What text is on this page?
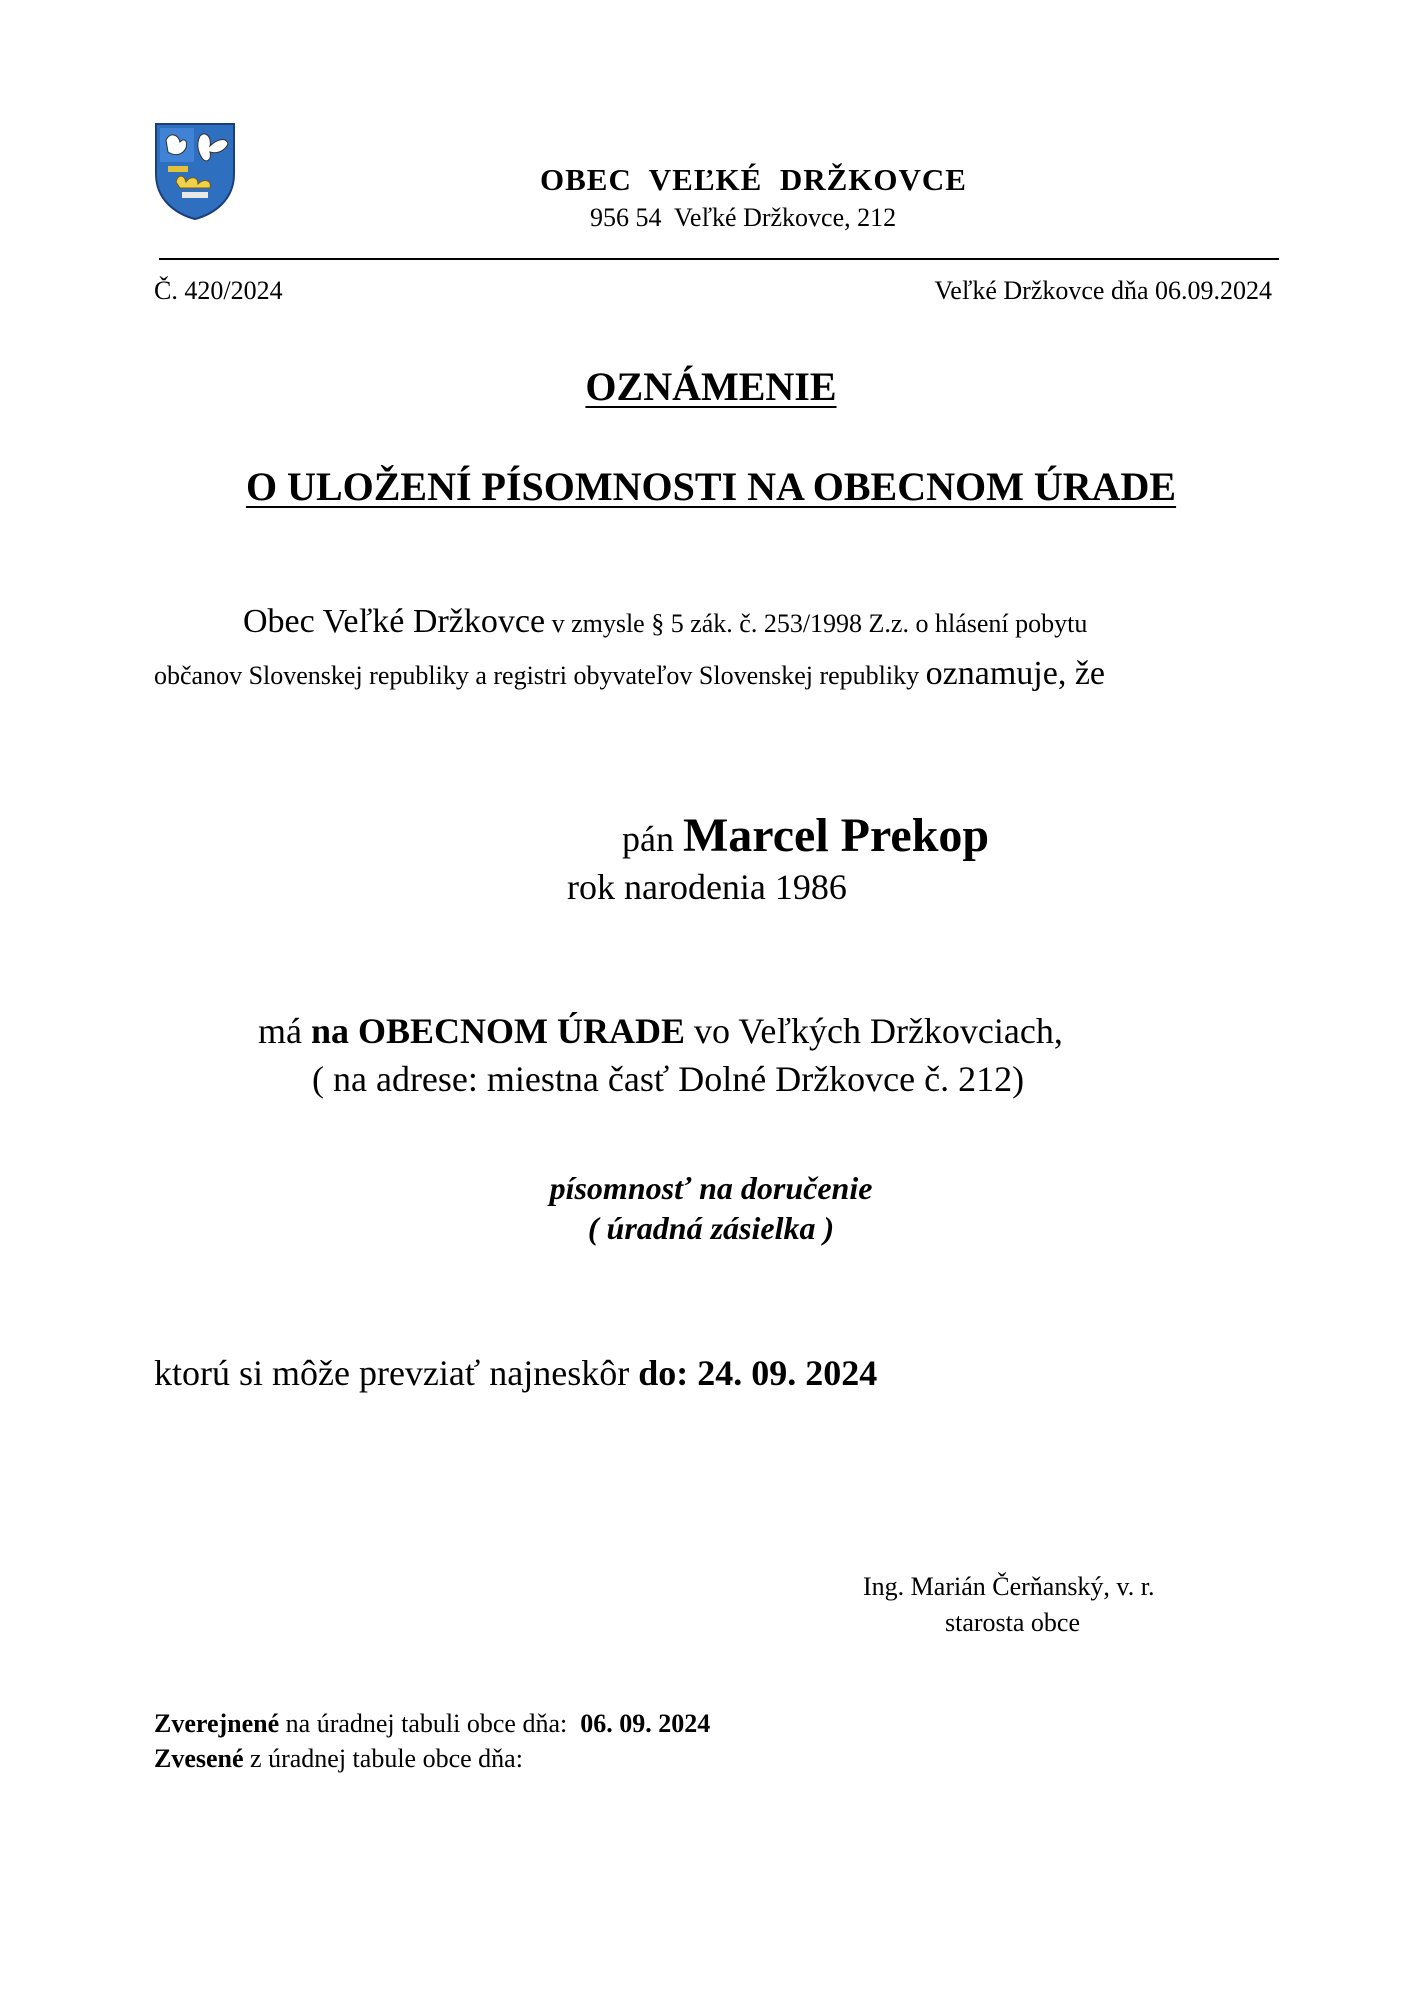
OBEC  VEĽKÉ  DRŽKOVCE
956 54  Veľké Držkovce, 212
Č. 420/2024	Veľké Držkovce dňa 06.09.2024
OZNÁMENIE
O ULOŽENÍ PÍSOMNOSTI NA OBECNOM ÚRADE
Obec Veľké Držkovce v zmysle § 5 zák. č. 253/1998 Z.z. o hlásení pobytu
občanov Slovenskej republiky a registri obyvateľov Slovenskej republiky oznamuje, že
pán Marcel Prekop
rok narodenia 1986
má na OBECNOM ÚRADE vo Veľkých Držkovciach,
( na adrese: miestna časť Dolné Držkovce č. 212)
písomnosť na doručenie
( úradná zásielka )
ktorú si môže prevziať najneskôr do: 24. 09. 2024
Ing. Marián Čerňanský, v. r.
starosta obce
Zverejnené na úradnej tabuli obce dňa:  06. 09. 2024
Zvesené z úradnej tabule obce dňa:
